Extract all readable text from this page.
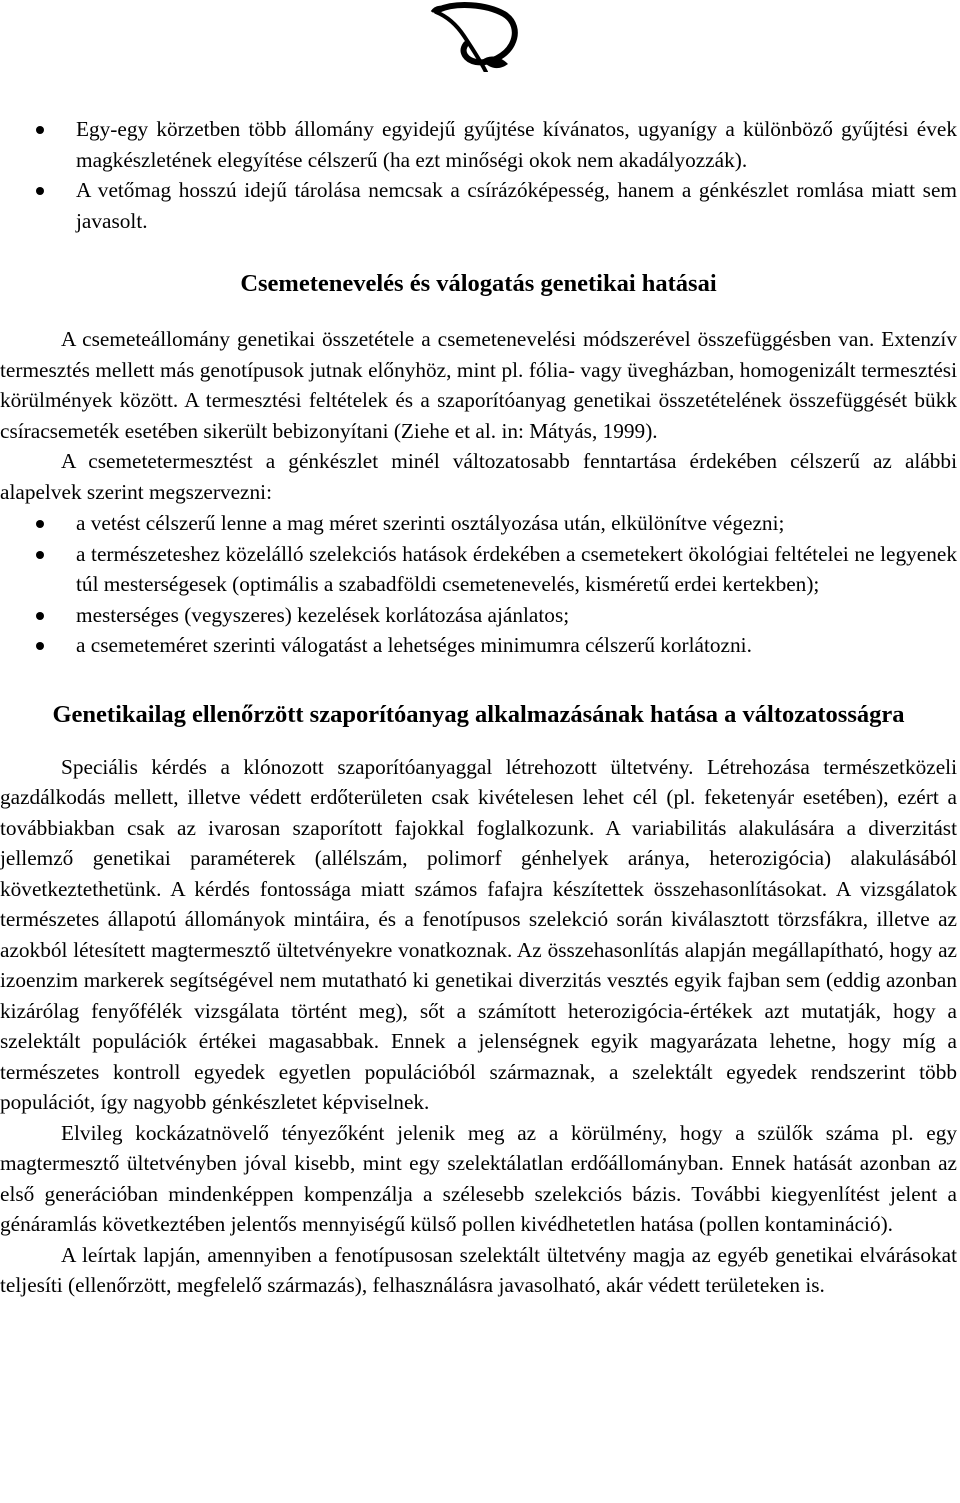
Egy-egy körzetben több állomány egyidejű gyűjtése kívánatos, ugyanígy a különböző gyűjtési évek magkészletének elegyítése célszerű (ha ezt minőségi okok nem akadályozzák).
A vetőmag hosszú idejű tárolása nemcsak a csírázóképesség, hanem a génkészlet romlása miatt sem javasolt.
Csemetenevelés és válogatás genetikai hatásai

A csemeteállomány genetikai összetétele a csemetenevelési módszerével összefüggésben van. Extenzív termesztés mellett más genotípusok jutnak előnyhöz, mint pl. fólia- vagy üvegházban, homogenizált termesztési körülmények között. A termesztési feltételek és a szaporítóanyag genetikai összetételének összefüggését bükk csíracsemeték esetében sikerült bebizonyítani (Ziehe et al. in: Mátyás, 1999).

A csemetetermesztést a génkészlet minél változatosabb fenntartása érdekében célszerű az alábbi alapelvek szerint megszervezni:

a vetést célszerű lenne a mag méret szerinti osztályozása után, elkülönítve végezni;
a természeteshez közelálló szelekciós hatások érdekében a csemetekert ökológiai feltételei ne legyenek túl mesterségesek (optimális a szabadföldi csemetenevelés, kisméretű erdei kertekben);
mesterséges (vegyszeres) kezelések korlátozása ajánlatos;
a csemeteméret szerinti válogatást a lehetséges minimumra célszerű korlátozni.
Genetikailag ellenőrzött szaporítóanyag alkalmazásának hatása a változatosságra

Speciális kérdés a klónozott szaporítóanyaggal létrehozott ültetvény. Létrehozása természetközeli gazdálkodás mellett, illetve védett erdőterületen csak kivételesen lehet cél (pl. feketenyár esetében), ezért a továbbiakban csak az ivarosan szaporított fajokkal foglalkozunk. A variabilitás alakulására a diverzitást jellemző genetikai paraméterek (allélszám, polimorf génhelyek aránya, heterozigócia) alakulásából következtethetünk. A kérdés fontossága miatt számos fafajra készítettek összehasonlításokat. A vizsgálatok természetes állapotú állományok mintáira, és a fenotípusos szelekció során kiválasztott törzsfákra, illetve az azokból létesített magtermesztő ültetvényekre vonatkoznak. Az összehasonlítás alapján megállapítható, hogy az izoenzim markerek segítségével nem mutatható ki genetikai diverzitás vesztés egyik fajban sem (eddig azonban kizárólag fenyőfélék vizsgálata történt meg), sőt a számított heterozigócia-értékek azt mutatják, hogy a szelektált populációk értékei magasabbak. Ennek a jelenségnek egyik magyarázata lehetne, hogy míg a természetes kontroll egyedek egyetlen populációból származnak, a szelektált egyedek rendszerint több populációt, így nagyobb génkészletet képviselnek.

Elvileg kockázatnövelő tényezőként jelenik meg az a körülmény, hogy a szülők száma pl. egy magtermesztő ültetvényben jóval kisebb, mint egy szelektálatlan erdőállományban. Ennek hatását azonban az első generációban mindenképpen kompenzálja a szélesebb szelekciós bázis. További kiegyenlítést jelent a génáramlás következtében jelentős mennyiségű külső pollen kivédhetetlen hatása (pollen kontamináció).

A leírtak lapján, amennyiben a fenotípusosan szelektált ültetvény magja az egyéb genetikai elvárásokat teljesíti (ellenőrzött, megfelelő származás), felhasználásra javasolható, akár védett területeken is.
